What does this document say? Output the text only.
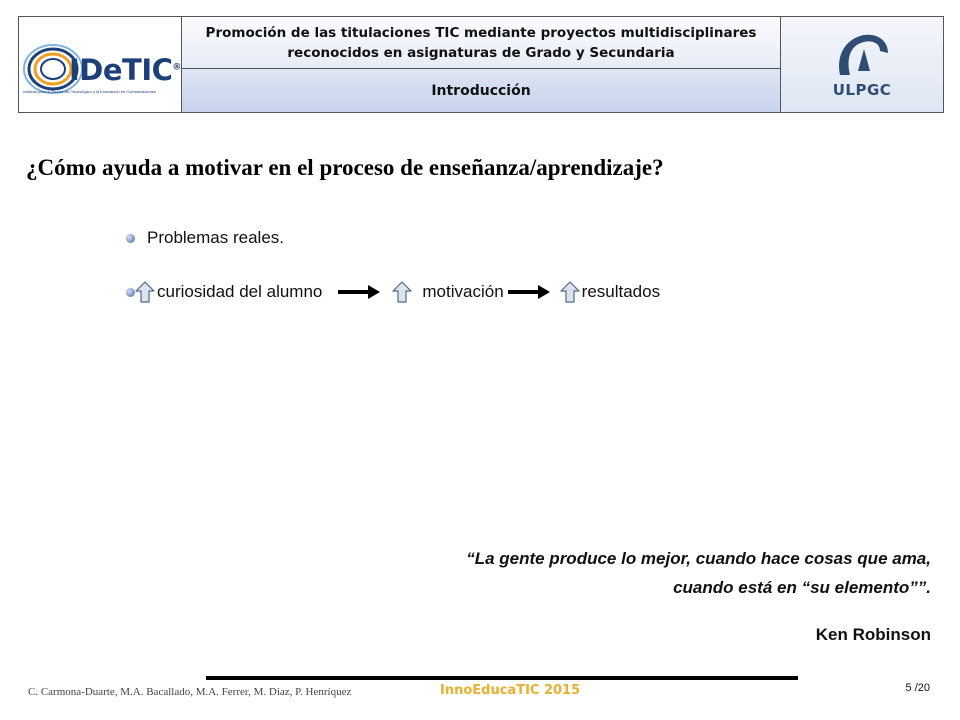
IDeTIC®
Instituto para el Desarrollo Tecnológico y la Innovación en Comunicaciones
Promoción de las titulaciones TIC mediante proyectos multidisciplinares
reconocidos en asignaturas de Grado y Secundaria
Introducción	ULPGC
¿Cómo ayuda a motivar en el proceso de enseñanza/aprendizaje?
Problemas reales.
curiosidad del alumno	motivación	resultados
“La gente produce lo mejor, cuando hace cosas que ama,
cuando está en “su elemento””.
Ken Robinson
C. Carmona-Duarte, M.A. Bacallado, M.A. Ferrer, M. Diaz, P. Henríquez	InnoEducaTIC 2015	5 /20
